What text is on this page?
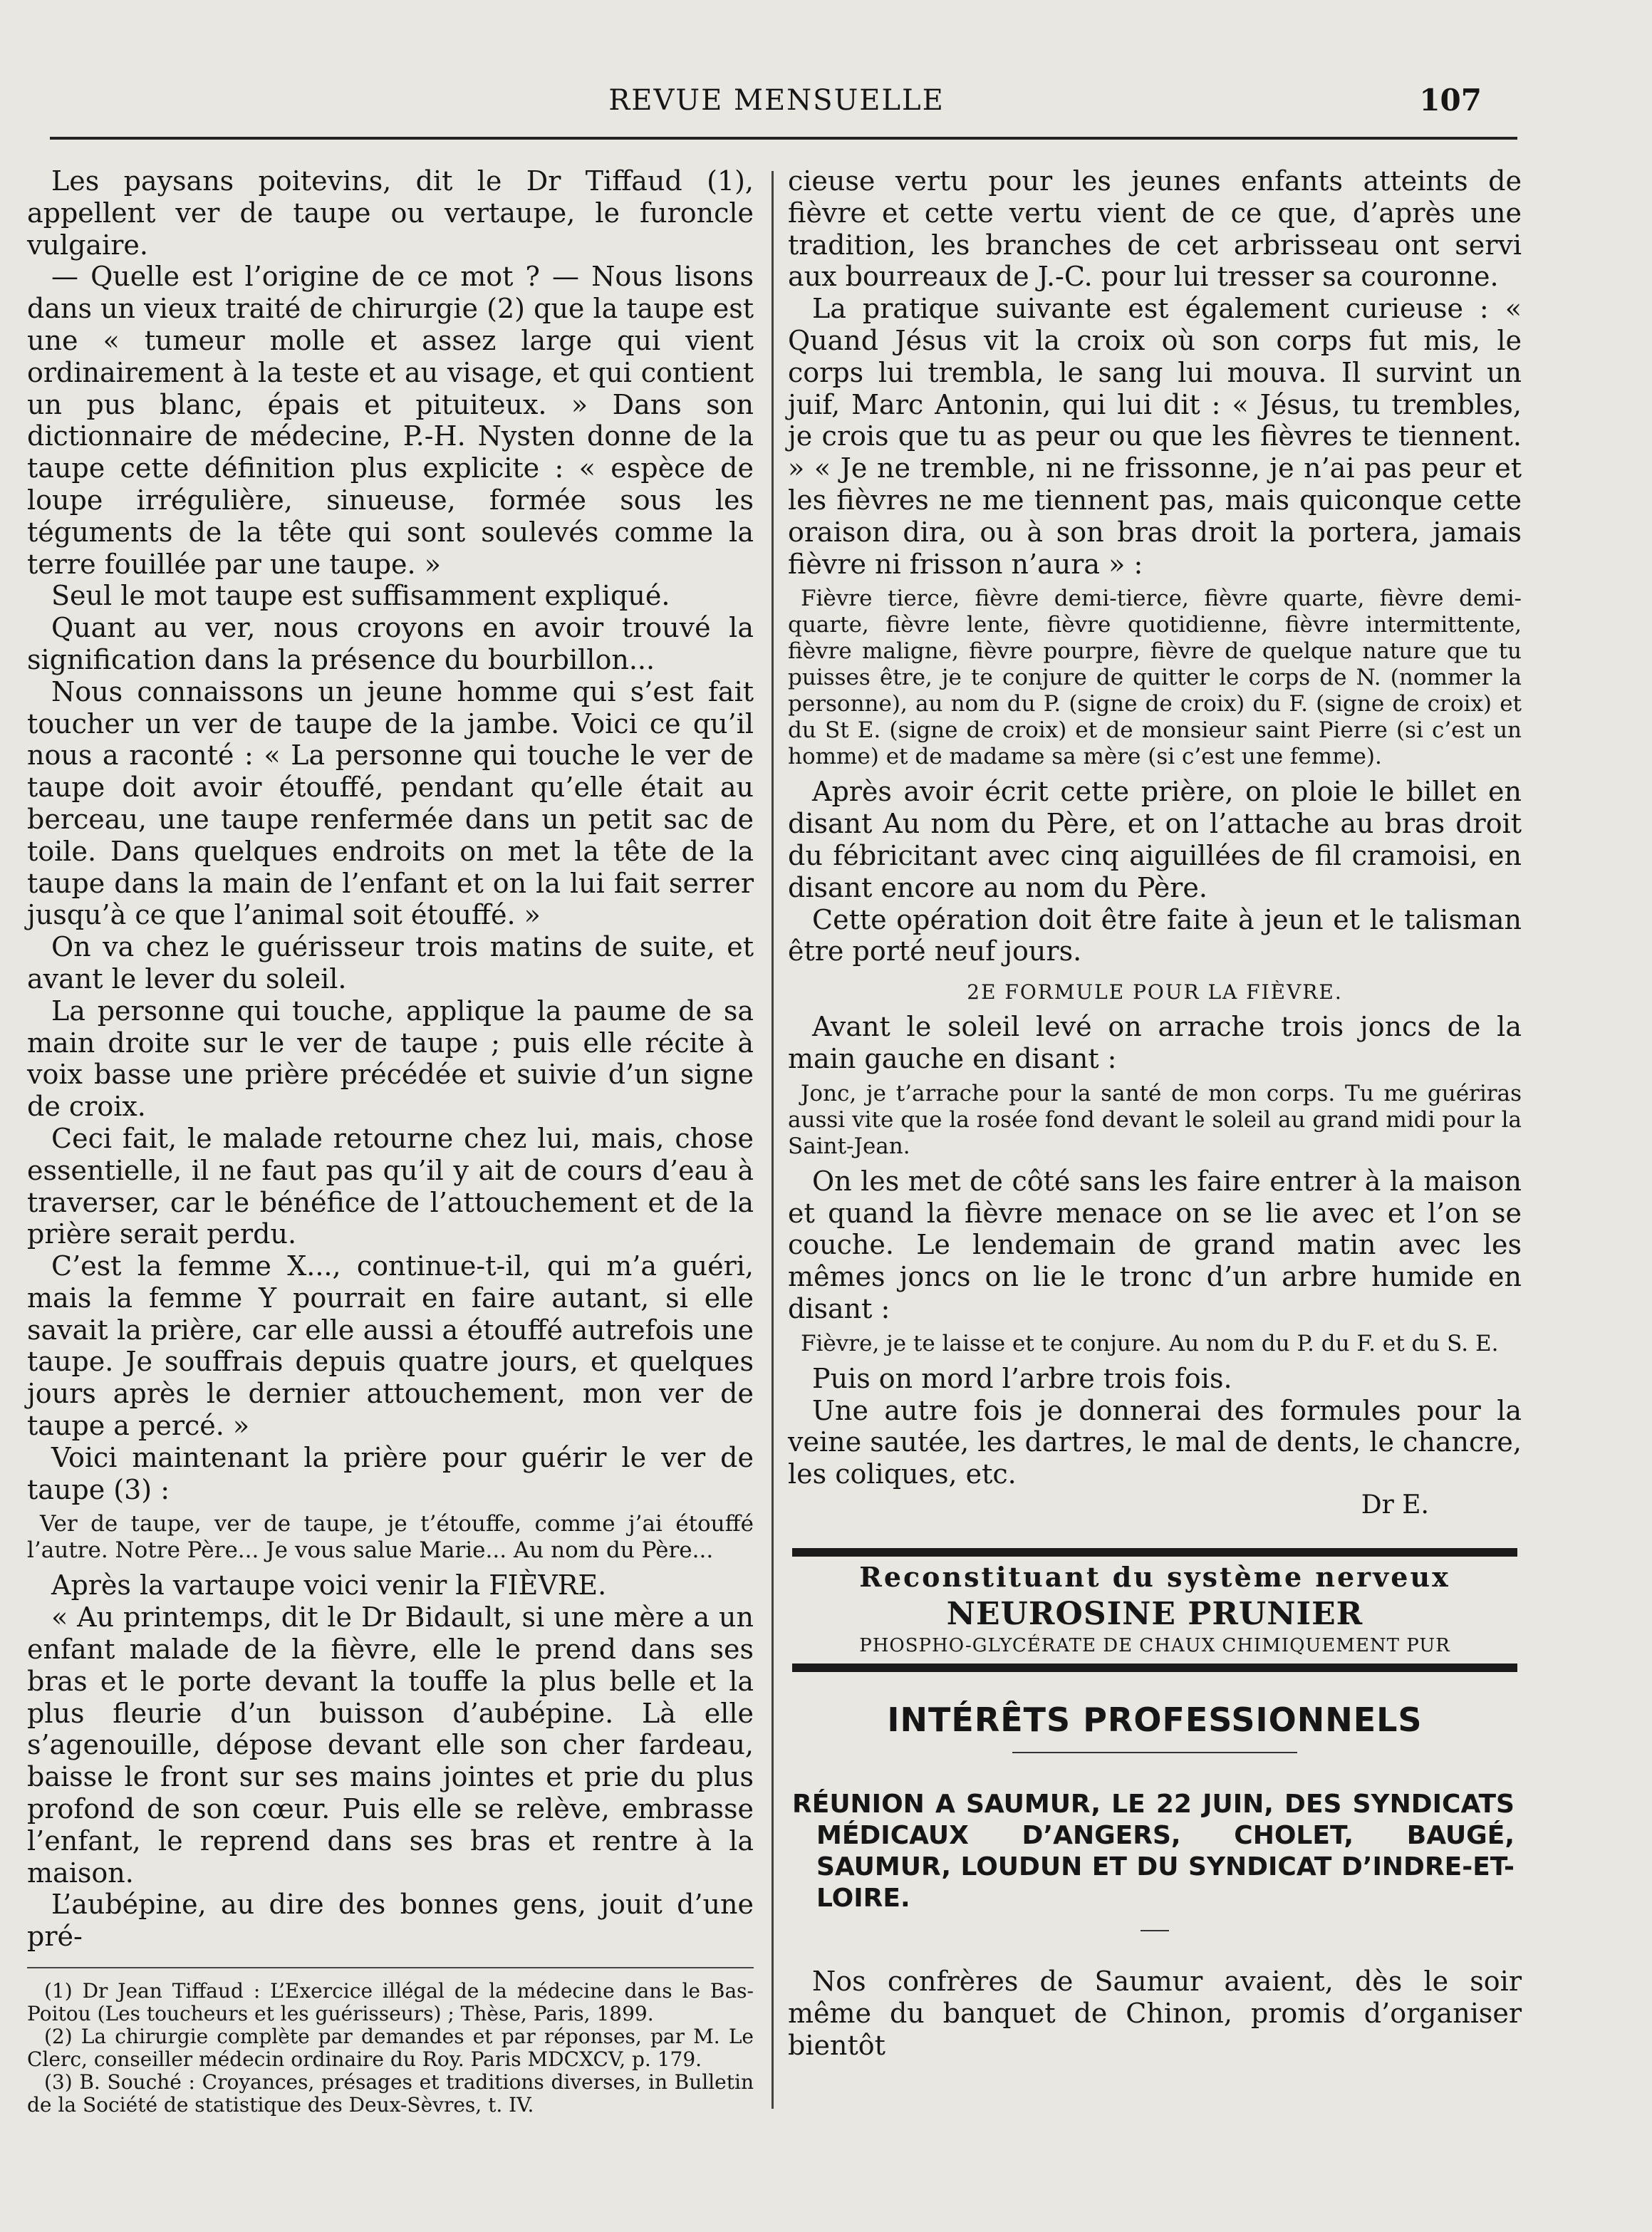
REVUE MENSUELLE	107

Les paysans poitevins, dit le Dr Tiffaud (1), appellent ver de taupe ou vertaupe, le furoncle vulgaire.

— Quelle est l’origine de ce mot ? — Nous lisons dans un vieux traité de chirurgie (2) que la taupe est une « tumeur molle et assez large qui vient ordinairement à la teste et au visage, et qui contient un pus blanc, épais et pituiteux. » Dans son dictionnaire de médecine, P.-H. Nysten donne de la taupe cette définition plus explicite : « espèce de loupe irrégulière, sinueuse, formée sous les téguments de la tête qui sont soulevés comme la terre fouillée par une taupe. »

Seul le mot taupe est suffisamment expliqué.

Quant au ver, nous croyons en avoir trouvé la signification dans la présence du bourbillon...

Nous connaissons un jeune homme qui s’est fait toucher un ver de taupe de la jambe. Voici ce qu’il nous a raconté : « La personne qui touche le ver de taupe doit avoir étouffé, pendant qu’elle était au berceau, une taupe renfermée dans un petit sac de toile. Dans quelques endroits on met la tête de la taupe dans la main de l’enfant et on la lui fait serrer jusqu’à ce que l’animal soit étouffé. »

On va chez le guérisseur trois matins de suite, et avant le lever du soleil.

La personne qui touche, applique la paume de sa main droite sur le ver de taupe ; puis elle récite à voix basse une prière précédée et suivie d’un signe de croix.

Ceci fait, le malade retourne chez lui, mais, chose essentielle, il ne faut pas qu’il y ait de cours d’eau à traverser, car le bénéfice de l’attouchement et de la prière serait perdu.

C’est la femme X..., continue-t-il, qui m’a guéri, mais la femme Y pourrait en faire autant, si elle savait la prière, car elle aussi a étouffé autrefois une taupe. Je souffrais depuis quatre jours, et quelques jours après le dernier attouchement, mon ver de taupe a percé. »

Voici maintenant la prière pour guérir le ver de taupe (3) :

Ver de taupe, ver de taupe, je t’étouffe, comme j’ai étouffé l’autre. Notre Père... Je vous salue Marie... Au nom du Père...

Après la vartaupe voici venir la FIÈVRE.

« Au printemps, dit le Dr Bidault, si une mère a un enfant malade de la fièvre, elle le prend dans ses bras et le porte devant la touffe la plus belle et la plus fleurie d’un buisson d’aubépine. Là elle s’agenouille, dépose devant elle son cher fardeau, baisse le front sur ses mains jointes et prie du plus profond de son cœur. Puis elle se relève, embrasse l’enfant, le reprend dans ses bras et rentre à la maison.

L’aubépine, au dire des bonnes gens, jouit d’une pré-

(1) Dr Jean Tiffaud : L’Exercice illégal de la médecine dans le Bas-Poitou (Les toucheurs et les guérisseurs) ; Thèse, Paris, 1899.

(2) La chirurgie complète par demandes et par réponses, par M. Le Clerc, conseiller médecin ordinaire du Roy. Paris MDCXCV, p. 179.

(3) B. Souché : Croyances, présages et traditions diverses, in Bulletin de la Société de statistique des Deux-Sèvres, t. IV.

cieuse vertu pour les jeunes enfants atteints de fièvre et cette vertu vient de ce que, d’après une tradition, les branches de cet arbrisseau ont servi aux bourreaux de J.-C. pour lui tresser sa couronne.

La pratique suivante est également curieuse : « Quand Jésus vit la croix où son corps fut mis, le corps lui trembla, le sang lui mouva. Il survint un juif, Marc Antonin, qui lui dit : « Jésus, tu trembles, je crois que tu as peur ou que les fièvres te tiennent. » « Je ne tremble, ni ne frissonne, je n’ai pas peur et les fièvres ne me tiennent pas, mais quiconque cette oraison dira, ou à son bras droit la portera, jamais fièvre ni frisson n’aura » :

Fièvre tierce, fièvre demi-tierce, fièvre quarte, fièvre demi-quarte, fièvre lente, fièvre quotidienne, fièvre intermittente, fièvre maligne, fièvre pourpre, fièvre de quelque nature que tu puisses être, je te conjure de quitter le corps de N. (nommer la personne), au nom du P. (signe de croix) du F. (signe de croix) et du St E. (signe de croix) et de monsieur saint Pierre (si c’est un homme) et de madame sa mère (si c’est une femme).

Après avoir écrit cette prière, on ploie le billet en disant Au nom du Père, et on l’attache au bras droit du fébricitant avec cinq aiguillées de fil cramoisi, en disant encore au nom du Père.

Cette opération doit être faite à jeun et le talisman être porté neuf jours.

2E FORMULE POUR LA FIÈVRE.

Avant le soleil levé on arrache trois joncs de la main gauche en disant :

Jonc, je t’arrache pour la santé de mon corps. Tu me guériras aussi vite que la rosée fond devant le soleil au grand midi pour la Saint-Jean.

On les met de côté sans les faire entrer à la maison et quand la fièvre menace on se lie avec et l’on se couche. Le lendemain de grand matin avec les mêmes joncs on lie le tronc d’un arbre humide en disant :

Fièvre, je te laisse et te conjure. Au nom du P. du F. et du S. E.

Puis on mord l’arbre trois fois.

Une autre fois je donnerai des formules pour la veine sautée, les dartres, le mal de dents, le chancre, les coliques, etc.

Dr E.
Reconstituant du système nerveux
NEUROSINE PRUNIER
PHOSPHO-GLYCÉRATE DE CHAUX CHIMIQUEMENT PUR
INTÉRÊTS PROFESSIONNELS

RÉUNION A SAUMUR, LE 22 JUIN, DES SYNDICATS MÉDICAUX D’ANGERS, CHOLET, BAUGÉ, SAUMUR, LOUDUN ET DU SYNDICAT D’INDRE-ET-LOIRE.

Nos confrères de Saumur avaient, dès le soir même du banquet de Chinon, promis d’organiser bientôt
